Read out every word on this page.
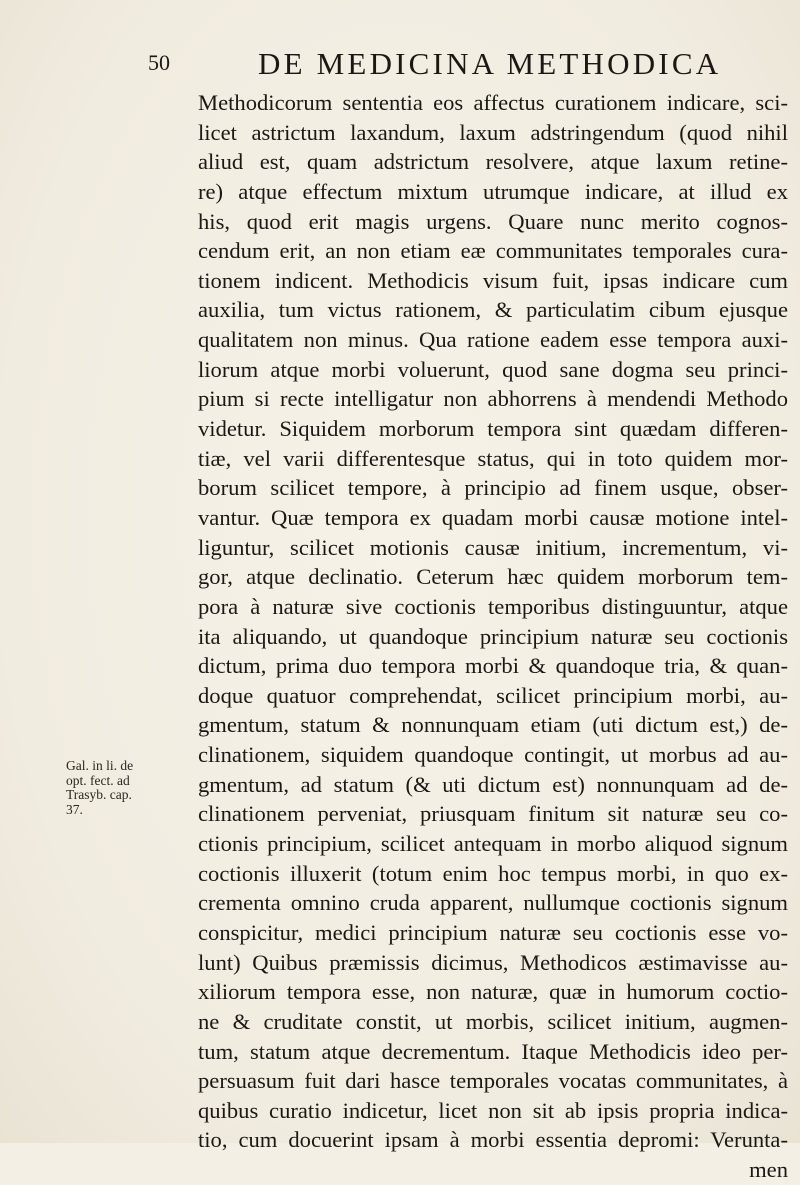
50	DE MEDICINA METHODICA
Gal. in li. de
opt. fect. ad
Trasyb. cap.
37.
Methodicorum sententia eos affectus curationem indicare, sci-
licet astrictum laxandum, laxum adstringendum (quod nihil
aliud est, quam adstrictum resolvere, atque laxum retine-
re) atque effectum mixtum utrumque indicare, at illud ex
his, quod erit magis urgens. Quare nunc merito cognos-
cendum erit, an non etiam eæ communitates temporales cura-
tionem indicent. Methodicis visum fuit, ipsas indicare cum
auxilia, tum victus rationem, & particulatim cibum ejusque
qualitatem non minus. Qua ratione eadem esse tempora auxi-
liorum atque morbi voluerunt, quod sane dogma seu princi-
pium si recte intelligatur non abhorrens à mendendi Methodo
videtur. Siquidem morborum tempora sint quædam differen-
tiæ, vel varii differentesque status, qui in toto quidem mor-
borum scilicet tempore, à principio ad finem usque, obser-
vantur. Quæ tempora ex quadam morbi causæ motione intel-
liguntur, scilicet motionis causæ initium, incrementum, vi-
gor, atque declinatio. Ceterum hæc quidem morborum tem-
pora à naturæ sive coctionis temporibus distinguuntur, atque
ita aliquando, ut quandoque principium naturæ seu coctionis
dictum, prima duo tempora morbi & quandoque tria, & quan-
doque quatuor comprehendat, scilicet principium morbi, au-
gmentum, statum & nonnunquam etiam (uti dictum est,) de-
clinationem, siquidem quandoque contingit, ut morbus ad au-
gmentum, ad statum (& uti dictum est) nonnunquam ad de-
clinationem perveniat, priusquam finitum sit naturæ seu co-
ctionis principium, scilicet antequam in morbo aliquod signum
coctionis illuxerit (totum enim hoc tempus morbi, in quo ex-
crementa omnino cruda apparent, nullumque coctionis signum
conspicitur, medici principium naturæ seu coctionis esse vo-
lunt) Quibus præmissis dicimus, Methodicos æstimavisse au-
xiliorum tempora esse, non naturæ, quæ in humorum coctio-
ne & cruditate constit, ut morbis, scilicet initium, augmen-
tum, statum atque decrementum. Itaque Methodicis ideo per-
persuasum fuit dari hasce temporales vocatas communitates, à
quibus curatio indicetur, licet non sit ab ipsis propria indica-
tio, cum docuerint ipsam à morbi essentia depromi: Veruntа-
men
